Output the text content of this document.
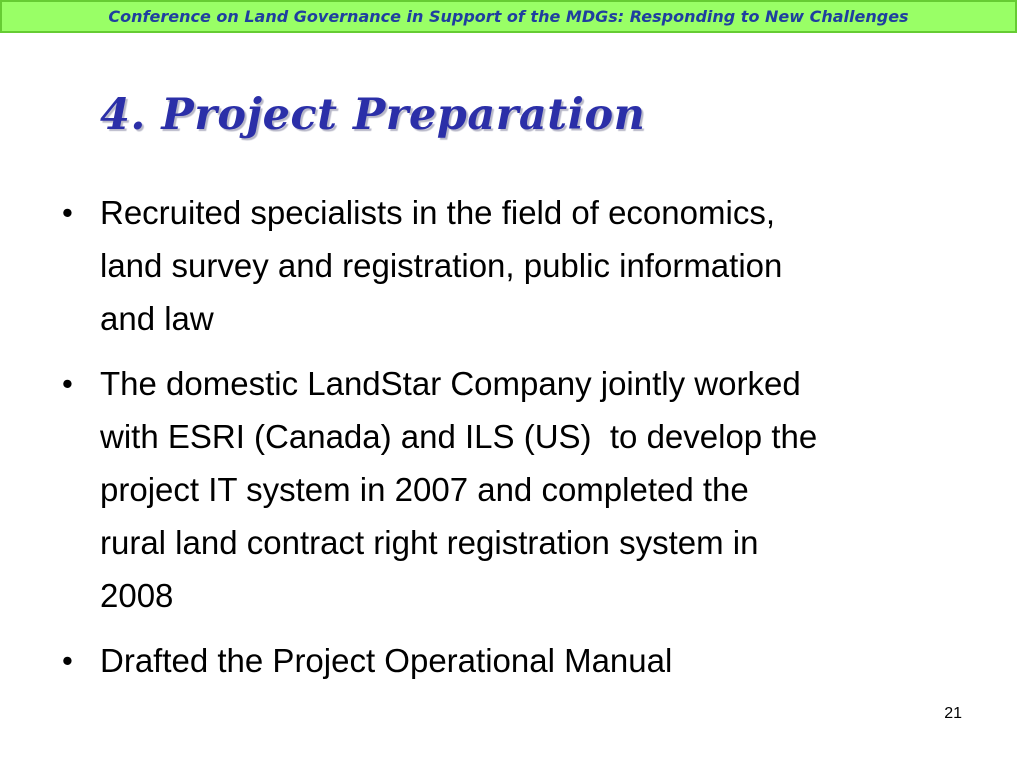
Conference on Land Governance in Support of the MDGs: Responding to New Challenges
4. Project Preparation
• Recruited specialists in the field of economics,
land survey and registration, public information
and law
• The domestic LandStar Company jointly worked
with ESRI (Canada) and ILS (US)  to develop the
project IT system in 2007 and completed the
rural land contract right registration system in
2008
• Drafted the Project Operational Manual
21
